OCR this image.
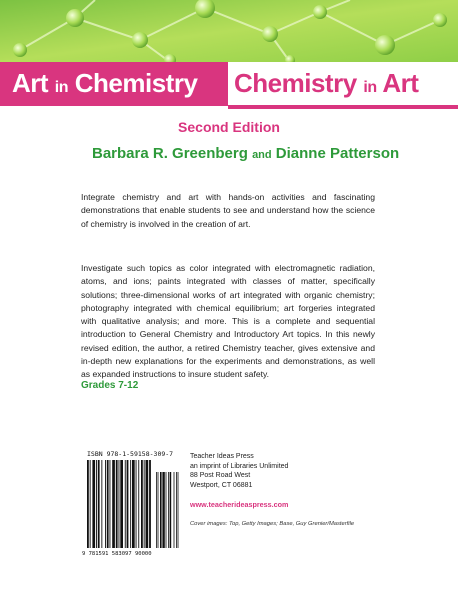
Art in Chemistry Chemistry in Art
Second Edition
Barbara R. Greenberg and Dianne Patterson
Integrate chemistry and art with hands-on activities and fascinating demonstrations that enable students to see and understand how the science of chemistry is involved in the creation of art.
Investigate such topics as color integrated with electromagnetic radiation, atoms, and ions; paints integrated with classes of matter, specifically solutions; three-dimensional works of art integrated with organic chemistry; photography integrated with chemical equilibrium; art forgeries integrated with qualitative analysis; and more. This is a complete and sequential introduction to General Chemistry and Introductory Art topics. In this newly revised edition, the author, a retired Chemistry teacher, gives extensive and in-depth new explanations for the experiments and demonstrations, as well as expanded instructions to insure student safety.
Grades 7-12
ISBN 978-1-59158-309-7
9 781591 583097 90000
Teacher Ideas Press
an imprint of Libraries Unlimited
88 Post Road West
Westport, CT 06881
www.teacherideaspress.com
Cover images: Top, Getty Images; Base, Guy Grenier/Masterfile
